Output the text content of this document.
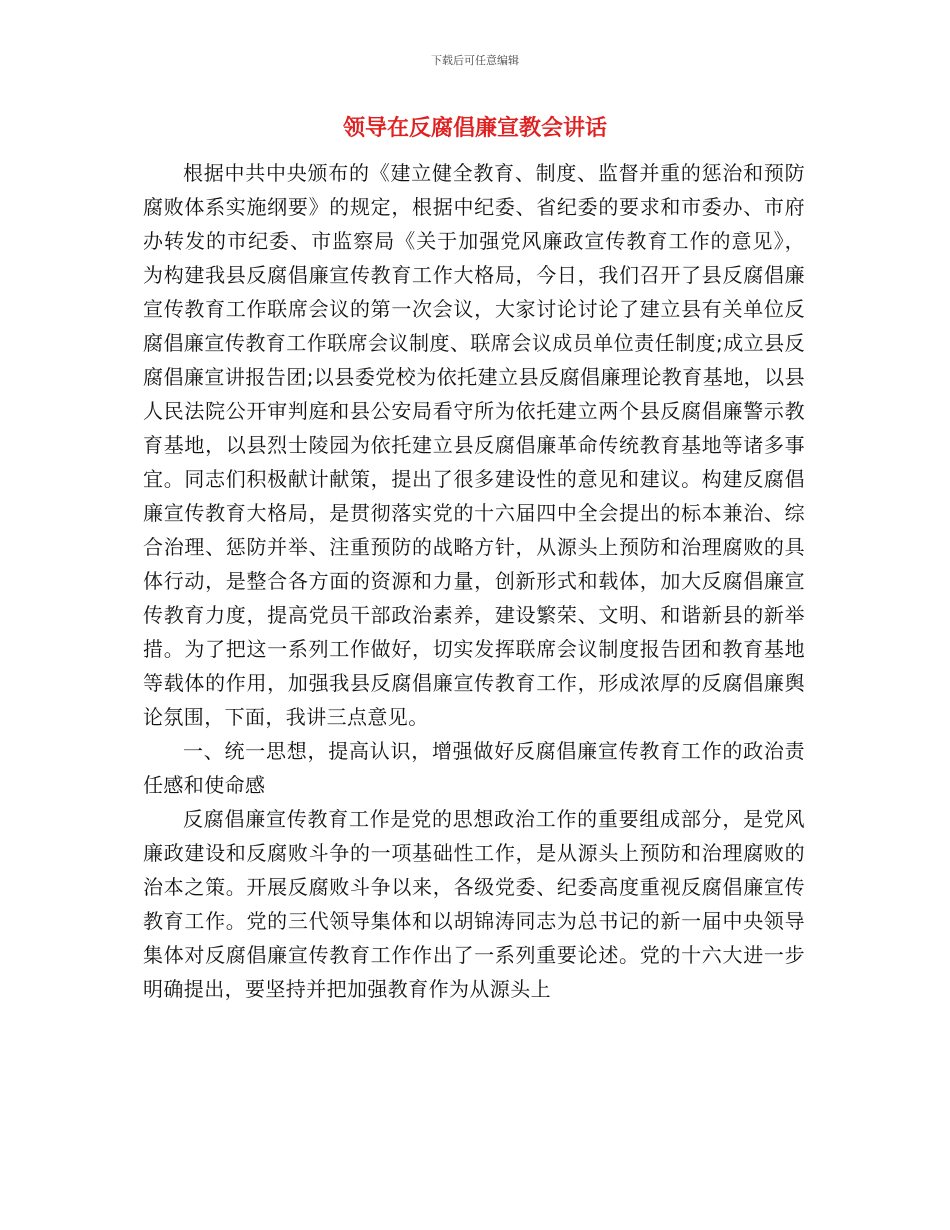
下载后可任意编辑
领导在反腐倡廉宣教会讲话

根据中共中央颁布的《建立健全教育、制度、监督并重的惩治和预防腐败体系实施纲要》的规定，根据中纪委、省纪委的要求和市委办、市府办转发的市纪委、市监察局《关于加强党风廉政宣传教育工作的意见》，为构建我县反腐倡廉宣传教育工作大格局，今日，我们召开了县反腐倡廉宣传教育工作联席会议的第一次会议，大家讨论讨论了建立县有关单位反腐倡廉宣传教育工作联席会议制度、联席会议成员单位责任制度;成立县反腐倡廉宣讲报告团;以县委党校为依托建立县反腐倡廉理论教育基地，以县人民法院公开审判庭和县公安局看守所为依托建立两个县反腐倡廉警示教育基地，以县烈士陵园为依托建立县反腐倡廉革命传统教育基地等诸多事宜。同志们积极献计献策，提出了很多建设性的意见和建议。构建反腐倡廉宣传教育大格局，是贯彻落实党的十六届四中全会提出的标本兼治、综合治理、惩防并举、注重预防的战略方针，从源头上预防和治理腐败的具体行动，是整合各方面的资源和力量，创新形式和载体，加大反腐倡廉宣传教育力度，提高党员干部政治素养，建设繁荣、文明、和谐新县的新举措。为了把这一系列工作做好，切实发挥联席会议制度报告团和教育基地等载体的作用，加强我县反腐倡廉宣传教育工作，形成浓厚的反腐倡廉舆论氛围，下面，我讲三点意见。

一、统一思想，提高认识，增强做好反腐倡廉宣传教育工作的政治责任感和使命感

反腐倡廉宣传教育工作是党的思想政治工作的重要组成部分，是党风廉政建设和反腐败斗争的一项基础性工作，是从源头上预防和治理腐败的治本之策。开展反腐败斗争以来，各级党委、纪委高度重视反腐倡廉宣传教育工作。党的三代领导集体和以胡锦涛同志为总书记的新一届中央领导集体对反腐倡廉宣传教育工作作出了一系列重要论述。党的十六大进一步明确提出，要坚持并把加强教育作为从源头上
